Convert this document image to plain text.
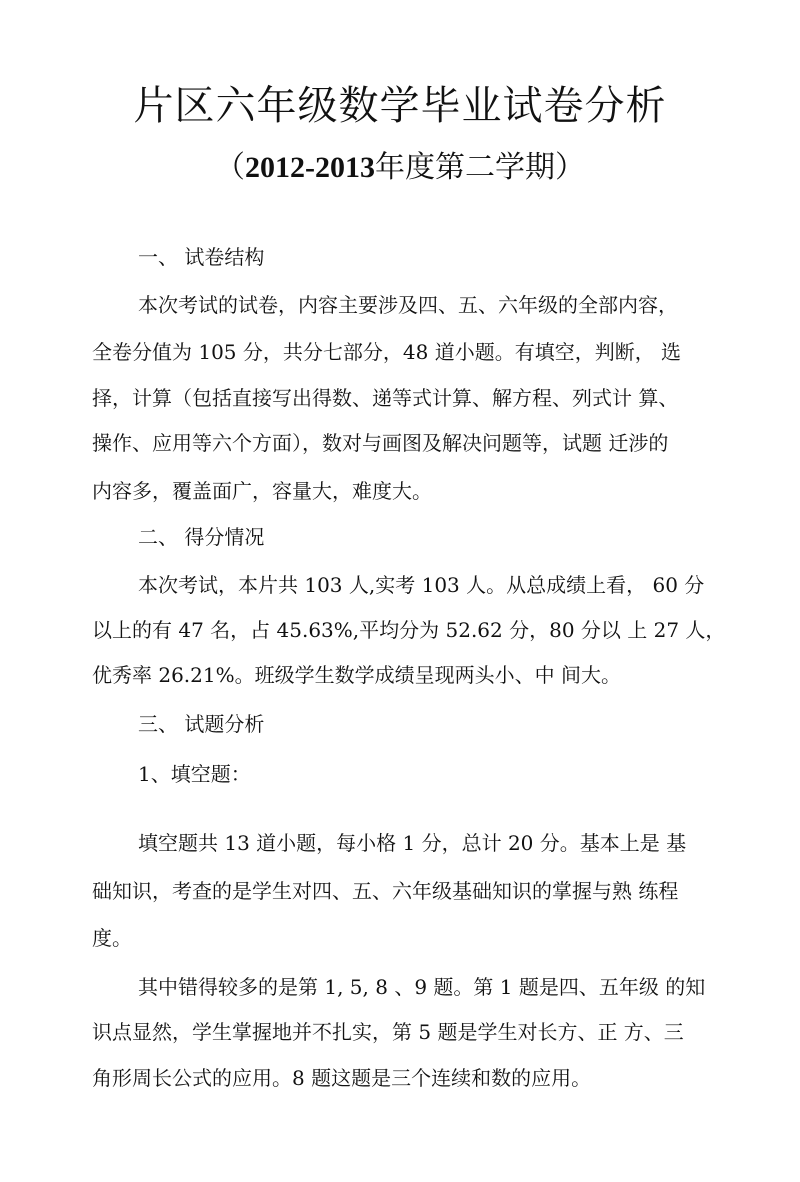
片区六年级数学毕业试卷分析
（2012-2013年度第二学期）
一、 试卷结构
本次考试的试卷，内容主要涉及四、五、六年级的全部内容，
全卷分值为 105 分，共分七部分，48 道小题。有填空，判断， 选
择，计算（包括直接写出得数、递等式计算、解方程、列式计 算、
操作、应用等六个方面），数对与画图及解决问题等，试题 迁涉的
内容多，覆盖面广，容量大，难度大。
二、 得分情况
本次考试，本片共 103 人,实考 103 人。从总成绩上看， 60 分
以上的有 47 名，占 45.63%,平均分为 52.62 分，80 分以 上 27 人，
优秀率 26.21%。班级学生数学成绩呈现两头小、中 间大。
三、 试题分析
1、填空题：
填空题共 13 道小题，每小格 1 分，总计 20 分。基本上是 基
础知识，考查的是学生对四、五、六年级基础知识的掌握与熟 练程
度。
其中错得较多的是第 1, 5, 8 、9 题。第 1 题是四、五年级 的知
识点显然，学生掌握地并不扎实，第 5 题是学生对长方、正 方、三
角形周长公式的应用。8 题这题是三个连续和数的应用。
